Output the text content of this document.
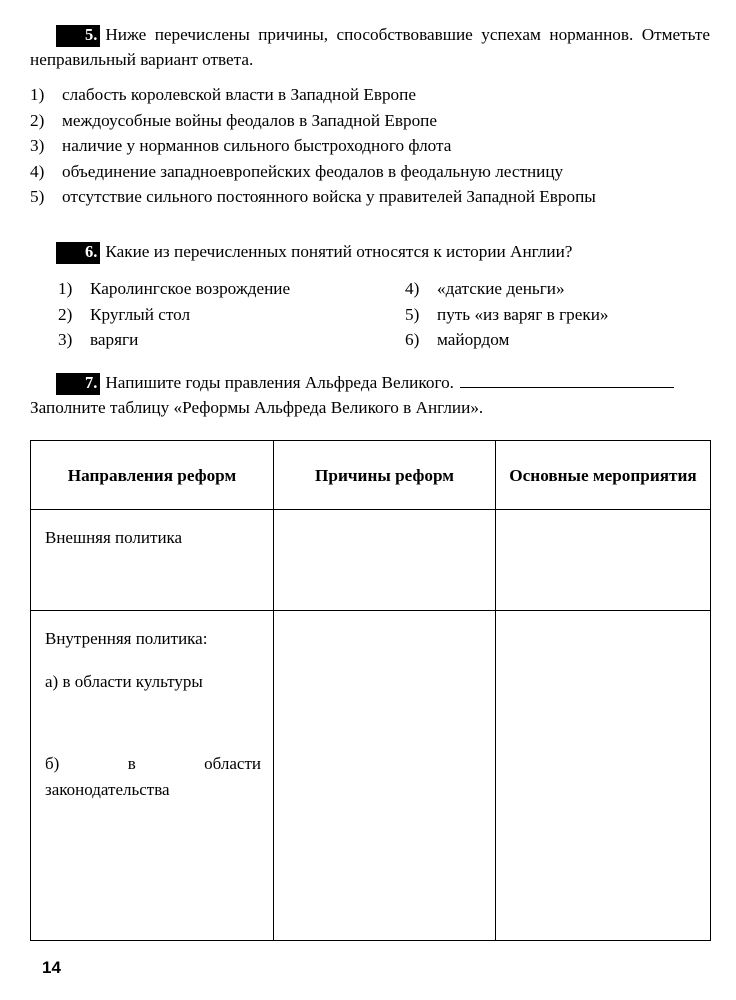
5. Ниже перечислены причины, способствовавшие успехам норманнов. Отметьте неправильный вариант ответа.
1)	слабость королевской власти в Западной Европе
2)	междоусобные войны феодалов в Западной Европе
3)	наличие у норманнов сильного быстроходного флота
4)	объединение западноевропейских феодалов в феодальную лестницу
5)	отсутствие сильного постоянного войска у правителей Западной Европы
6. Какие из перечисленных понятий относятся к истории Англии?
1)	Каролингское возрождение
2)	Круглый стол
3)	варяги
4)	«датские деньги»
5)	путь «из варяг в греки»
6)	майордом
7. Напишите годы правления Альфреда Великого.
Заполните таблицу «Реформы Альфреда Великого в Англии».
Направления реформ	Причины реформ	Основные мероприятия

Внешняя политика		

Внутренняя политика:
а) в области культуры
б) в области законодательства		

14
